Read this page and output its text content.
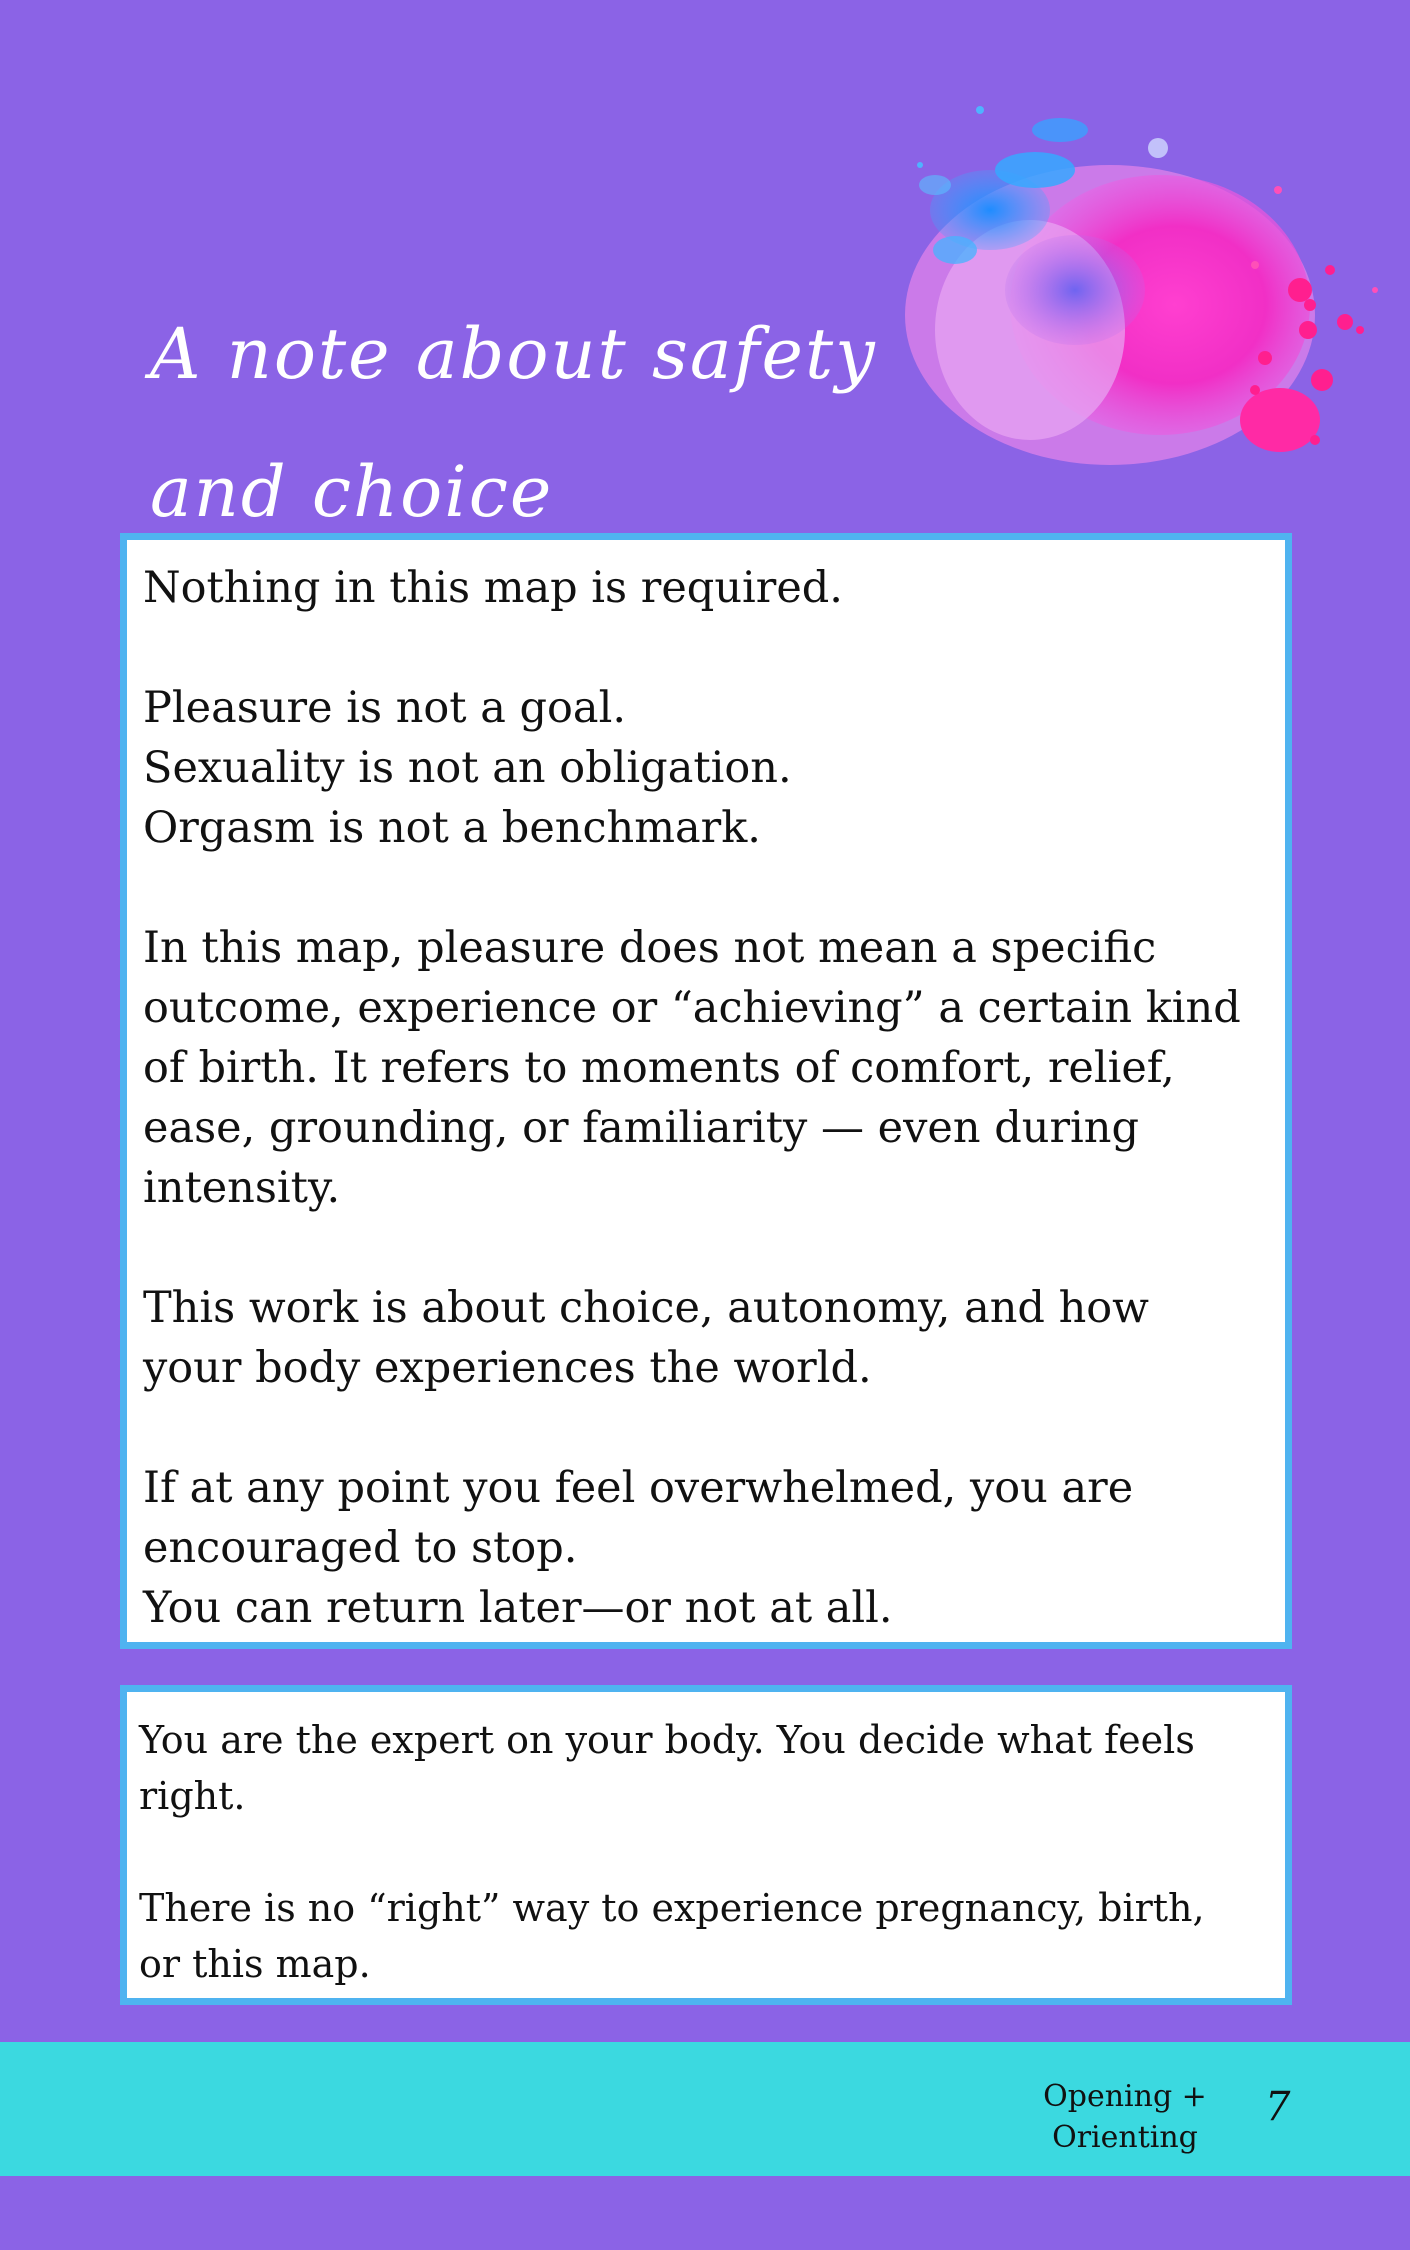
A note about safety
and choice

Nothing in this map is required.

Pleasure is not a goal.
Sexuality is not an obligation.
Orgasm is not a benchmark.

In this map, pleasure does not mean a specific
outcome, experience or “achieving” a certain kind
of birth. It refers to moments of comfort, relief,
ease, grounding, or familiarity — even during
intensity.

This work is about choice, autonomy, and how
your body experiences the world.

If at any point you feel overwhelmed, you are
encouraged to stop.
You can return later—or not at all.

You are the expert on your body. You decide what feels
right.

There is no “right” way to experience pregnancy, birth,
or this map.

Opening +
Orienting
7
